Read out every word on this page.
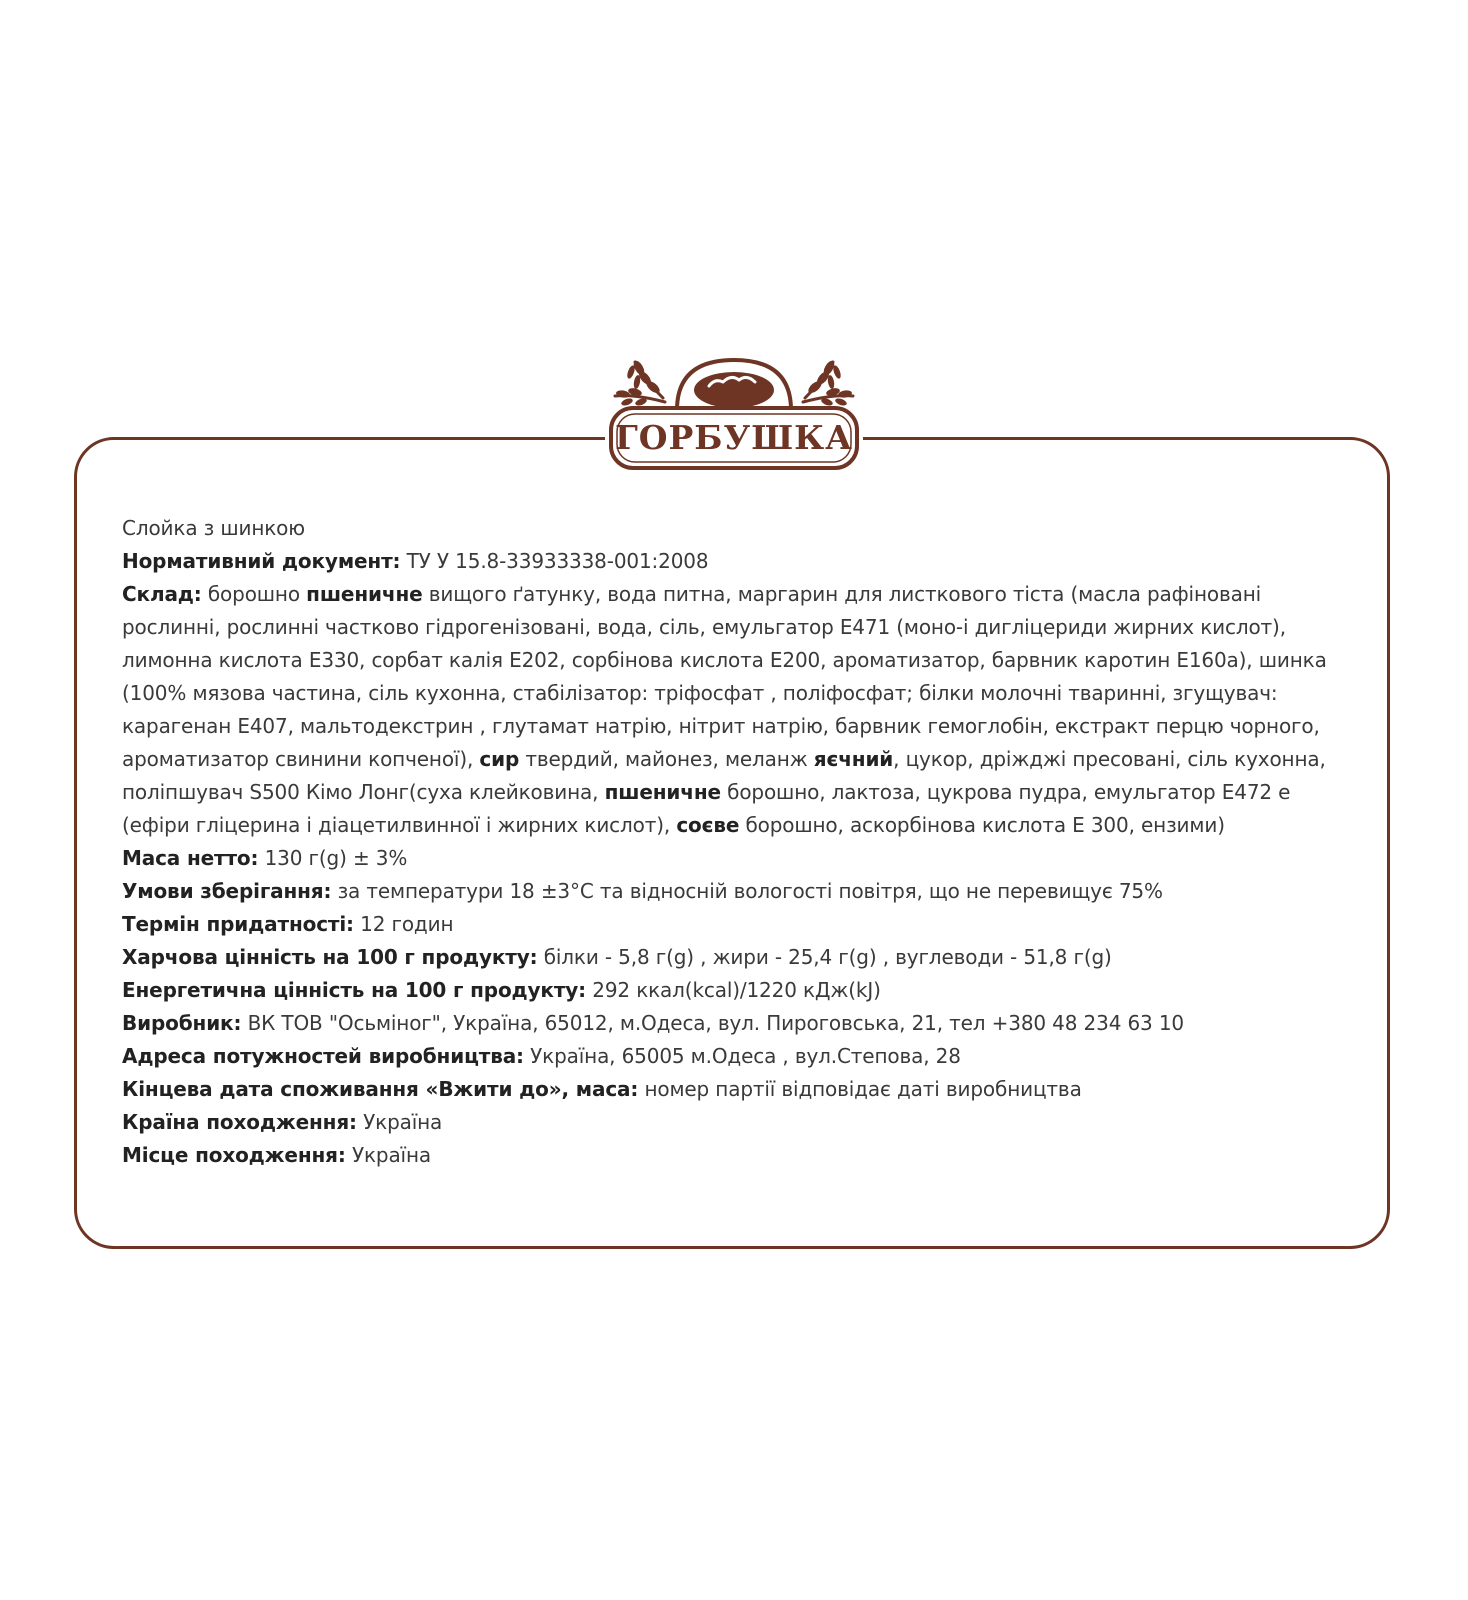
ГОРБУШКА

Слойка з шинкою

Нормативний документ: ТУ У 15.8-33933338-001:2008

Склад: борошно пшеничне вищого ґатунку, вода питна, маргарин для листкового тіста (масла рафіновані рослинні, рослинні частково гідрогенізовані, вода, сіль, емульгатор Е471 (моно-і дигліцериди жирних кислот), лимонна кислота Е330, сорбат калія Е202, сорбінова кислота Е200, ароматизатор, барвник каротин Е160а), шинка (100% мязова частина, сіль кухонна, стабілізатор: тріфосфат , поліфосфат; білки молочні тваринні, згущувач: карагенан Е407, мальтодекстрин , глутамат натрію, нітрит натрію, барвник гемоглобін, екстракт перцю чорного, ароматизатор свинини копченої), сир твердий, майонез, меланж яєчний, цукор, дріжджі пресовані, сіль кухонна, поліпшувач S500 Кімо Лонг(суха клейковина, пшеничне борошно, лактоза, цукрова пудра, емульгатор Е472 е (ефіри гліцерина і діацетилвинної і жирних кислот), соєве борошно, аскорбінова кислота Е 300, ензими)

Маса нетто: 130 г(g) ± 3%

Умови зберігання: за температури 18 ±3°С та відносній вологості повітря, що не перевищує 75%

Термін придатності: 12 годин

Харчова цінність на 100 г продукту: білки - 5,8 г(g) , жири - 25,4 г(g) , вуглеводи - 51,8 г(g)

Енергетична цінність на 100 г продукту: 292 ккал(kcal)/1220 кДж(kJ)

Виробник: ВК ТОВ "Осьміног", Україна, 65012, м.Одеса, вул. Пироговська, 21, тел +380 48 234 63 10

Адреса потужностей виробництва: Україна, 65005 м.Одеса , вул.Степова, 28

Кінцева дата споживання «Вжити до», маса: номер партії відповідає даті виробництва

Країна походження: Україна

Місце походження: Україна
